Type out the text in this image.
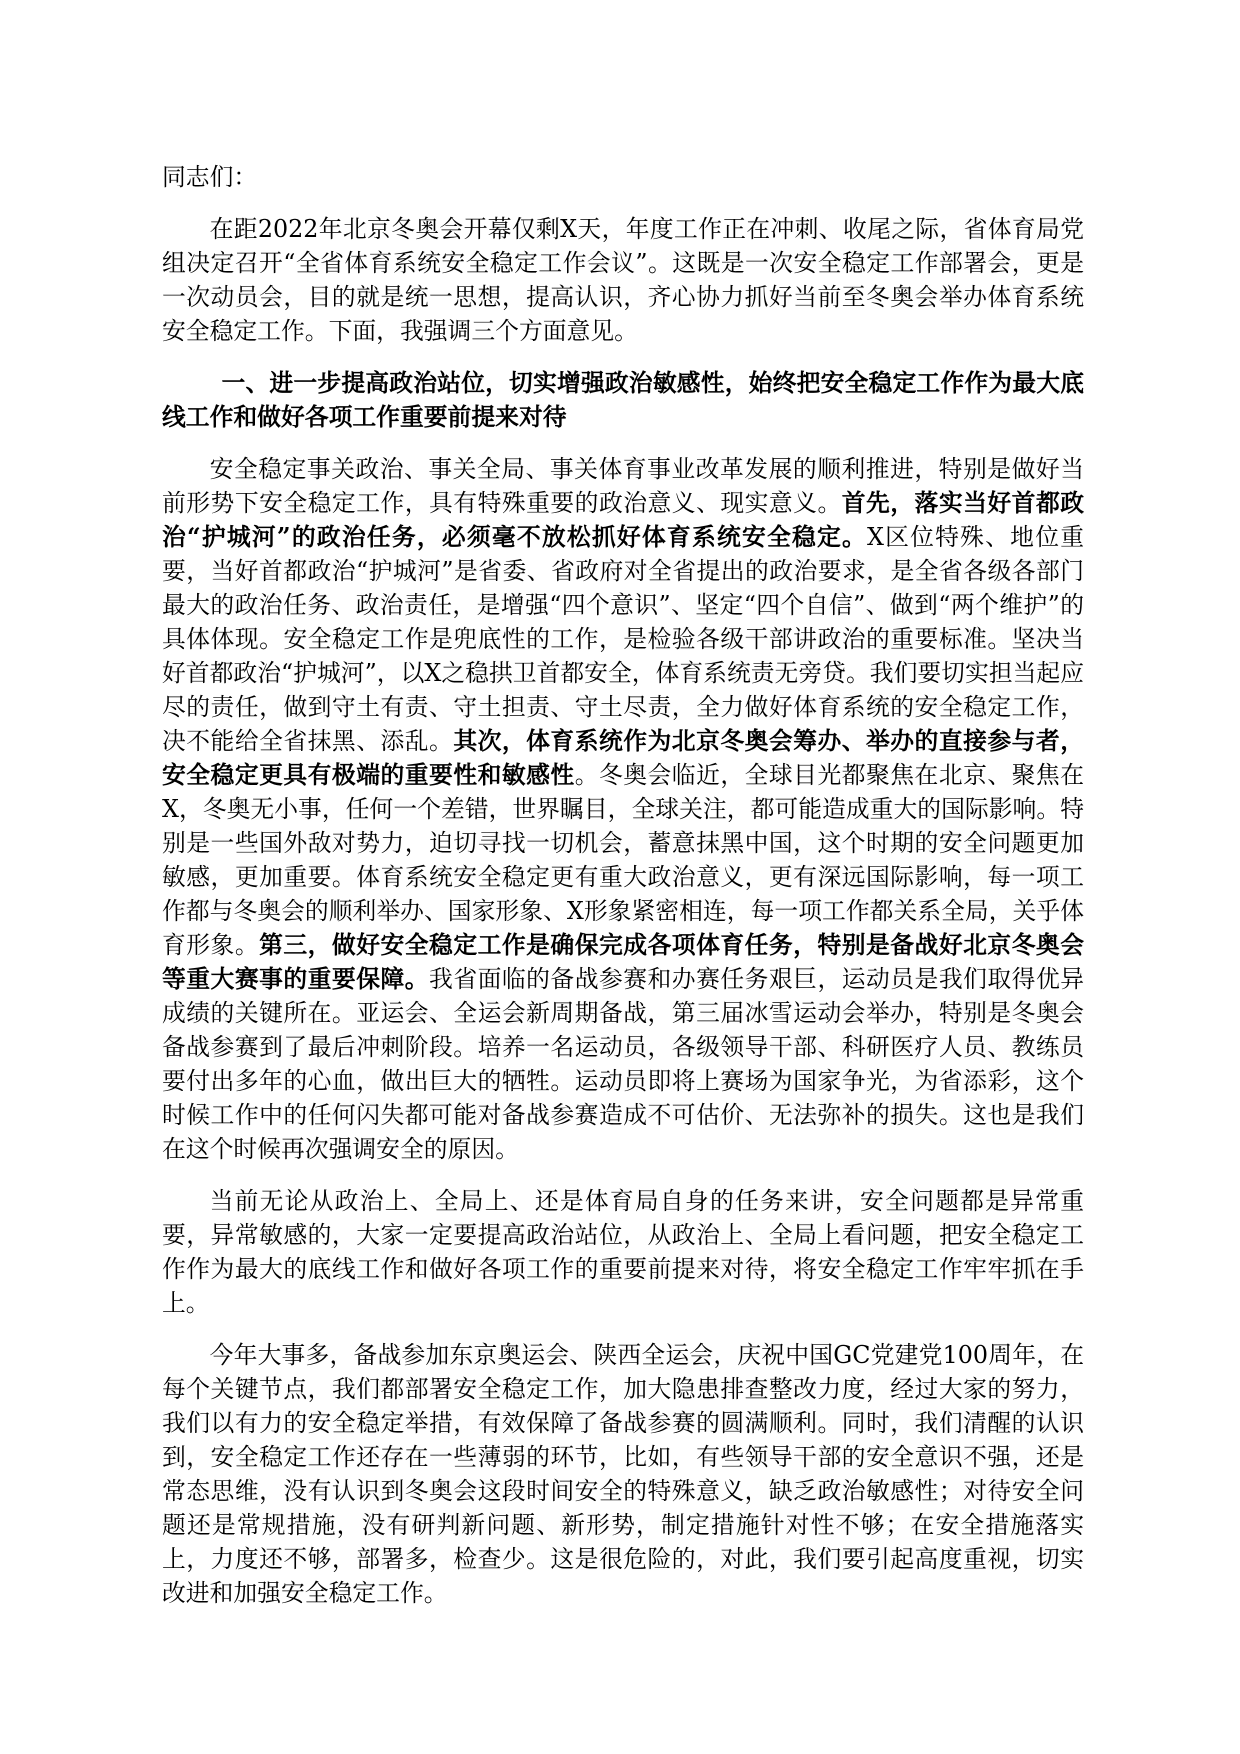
同志们：

在距2022年北京冬奥会开幕仅剩X天，年度工作正在冲刺、收尾之际，省体育局党组决定召开“全省体育系统安全稳定工作会议”。这既是一次安全稳定工作部署会，更是一次动员会，目的就是统一思想，提高认识，齐心协力抓好当前至冬奥会举办体育系统安全稳定工作。下面，我强调三个方面意见。

一、进一步提高政治站位，切实增强政治敏感性，始终把安全稳定工作作为最大底线工作和做好各项工作重要前提来对待

安全稳定事关政治、事关全局、事关体育事业改革发展的顺利推进，特别是做好当前形势下安全稳定工作，具有特殊重要的政治意义、现实意义。首先，落实当好首都政治“护城河”的政治任务，必须毫不放松抓好体育系统安全稳定。X区位特殊、地位重要，当好首都政治“护城河”是省委、省政府对全省提出的政治要求，是全省各级各部门最大的政治任务、政治责任，是增强“四个意识”、坚定“四个自信”、做到“两个维护”的具体体现。安全稳定工作是兜底性的工作，是检验各级干部讲政治的重要标准。坚决当好首都政治“护城河”，以X之稳拱卫首都安全，体育系统责无旁贷。我们要切实担当起应尽的责任，做到守土有责、守土担责、守土尽责，全力做好体育系统的安全稳定工作，决不能给全省抹黑、添乱。其次，体育系统作为北京冬奥会筹办、举办的直接参与者，安全稳定更具有极端的重要性和敏感性。冬奥会临近，全球目光都聚焦在北京、聚焦在X，冬奥无小事，任何一个差错，世界瞩目，全球关注，都可能造成重大的国际影响。特别是一些国外敌对势力，迫切寻找一切机会，蓄意抹黑中国，这个时期的安全问题更加敏感，更加重要。体育系统安全稳定更有重大政治意义，更有深远国际影响，每一项工作都与冬奥会的顺利举办、国家形象、X形象紧密相连，每一项工作都关系全局，关乎体育形象。第三，做好安全稳定工作是确保完成各项体育任务，特别是备战好北京冬奥会等重大赛事的重要保障。我省面临的备战参赛和办赛任务艰巨，运动员是我们取得优异成绩的关键所在。亚运会、全运会新周期备战，第三届冰雪运动会举办，特别是冬奥会备战参赛到了最后冲刺阶段。培养一名运动员，各级领导干部、科研医疗人员、教练员要付出多年的心血，做出巨大的牺牲。运动员即将上赛场为国家争光，为省添彩，这个时候工作中的任何闪失都可能对备战参赛造成不可估价、无法弥补的损失。这也是我们在这个时候再次强调安全的原因。

当前无论从政治上、全局上、还是体育局自身的任务来讲，安全问题都是异常重要，异常敏感的，大家一定要提高政治站位，从政治上、全局上看问题，把安全稳定工作作为最大的底线工作和做好各项工作的重要前提来对待，将安全稳定工作牢牢抓在手上。

今年大事多，备战参加东京奥运会、陕西全运会，庆祝中国GC党建党100周年，在每个关键节点，我们都部署安全稳定工作，加大隐患排查整改力度，经过大家的努力，我们以有力的安全稳定举措，有效保障了备战参赛的圆满顺利。同时，我们清醒的认识到，安全稳定工作还存在一些薄弱的环节，比如，有些领导干部的安全意识不强，还是常态思维，没有认识到冬奥会这段时间安全的特殊意义，缺乏政治敏感性；对待安全问题还是常规措施，没有研判新问题、新形势，制定措施针对性不够；在安全措施落实上，力度还不够，部署多，检查少。这是很危险的，对此，我们要引起高度重视，切实改进和加强安全稳定工作。
